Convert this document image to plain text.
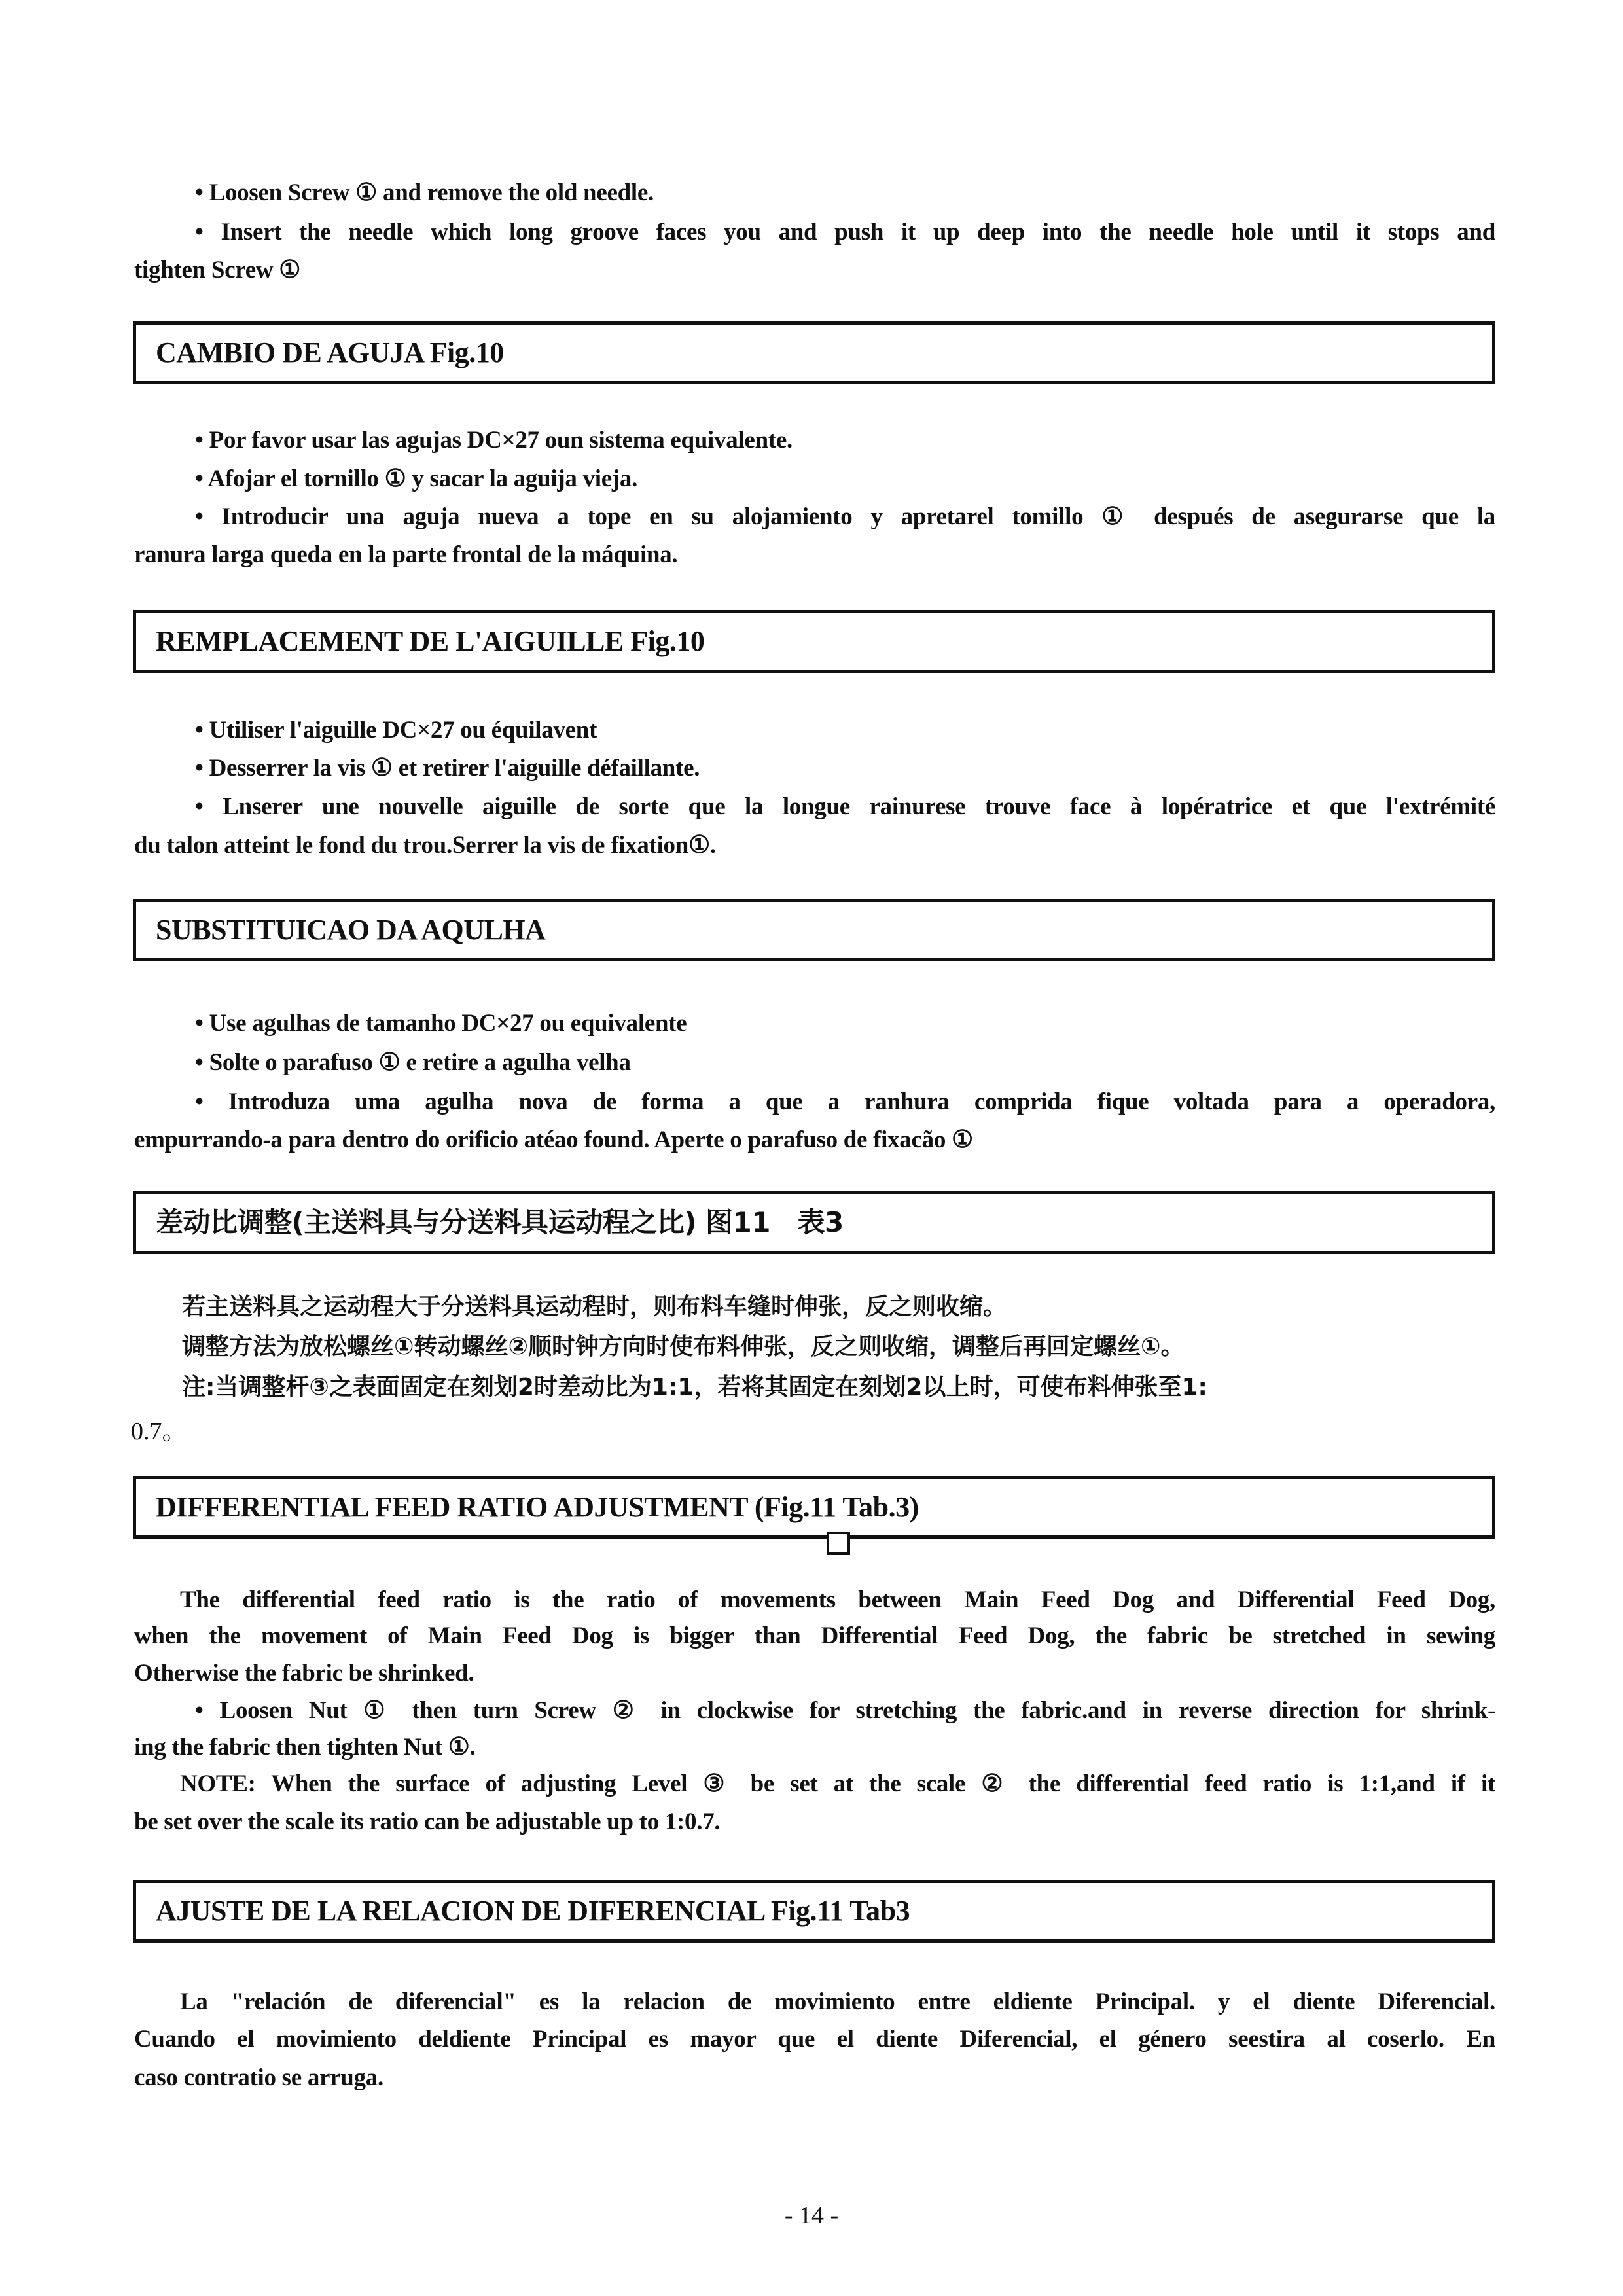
• Loosen Screw ① and remove the old needle.
• Insert the needle which long groove faces you and push it up deep into the needle hole until it stops and
tighten Screw ①
CAMBIO DE AGUJA Fig.10
• Por favor usar las agujas DC×27 oun sistema equivalente.
• Afojar el tornillo ① y sacar la aguija vieja.
• Introducir una aguja nueva a tope en su alojamiento y apretarel tomillo ① después de asegurarse que la
ranura larga queda en la parte frontal de la máquina.
REMPLACEMENT DE L'AIGUILLE Fig.10
• Utiliser l'aiguille DC×27 ou équilavent
• Desserrer la vis ① et retirer l'aiguille défaillante.
• Lnserer une nouvelle aiguille de sorte que la longue rainurese trouve face à lopératrice et que l'extrémité
du talon atteint le fond du trou.Serrer la vis de fixation①.
SUBSTITUICAO DA AQULHA
• Use agulhas de tamanho DC×27 ou equivalente
• Solte o parafuso ① e retire a agulha velha
• Introduza uma agulha nova de forma a que a ranhura comprida fique voltada para a operadora,
empurrando-a para dentro do orificio atéao found. Aperte o parafuso de fixacão ①
差动比调整(主送料具与分送料具运动程之比) 图11　表3
若主送料具之运动程大于分送料具运动程时，则布料车缝时伸张，反之则收缩。
调整方法为放松螺丝①转动螺丝②顺时钟方向时使布料伸张，反之则收缩，调整后再回定螺丝①。
注:当调整杆③之表面固定在刻划2时差动比为1:1，若将其固定在刻划2以上时，可使布料伸张至1:
0.7。
DIFFERENTIAL FEED RATIO ADJUSTMENT (Fig.11 Tab.3)
The differential feed ratio is the ratio of movements between Main Feed Dog and Differential Feed Dog,
when the movement of Main Feed Dog is bigger than Differential Feed Dog, the fabric be stretched in sewing
Otherwise the fabric be shrinked.
• Loosen Nut ① then turn Screw ② in clockwise for stretching the fabric.and in reverse direction for shrink-
ing the fabric then tighten Nut ①.
NOTE: When the surface of adjusting Level ③ be set at the scale ② the differential feed ratio is 1:1,and if it
be set over the scale its ratio can be adjustable up to 1:0.7.
AJUSTE DE LA RELACION DE DIFERENCIAL Fig.11 Tab3
La "relación de diferencial" es la relacion de movimiento entre eldiente Principal. y el diente Diferencial.
Cuando el movimiento deldiente Principal es mayor que el diente Diferencial, el género seestira al coserlo. En
caso contratio se arruga.
- 14 -
